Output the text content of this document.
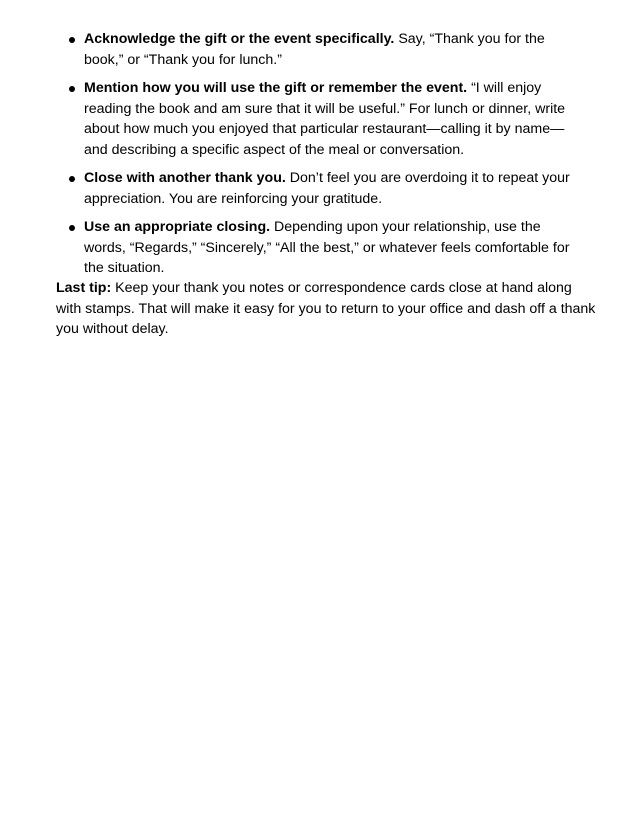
Acknowledge the gift or the event specifically. Say, “Thank you for the book,” or “Thank you for lunch.”
Mention how you will use the gift or remember the event. “I will enjoy reading the book and am sure that it will be useful.” For lunch or dinner, write about how much you enjoyed that particular restaurant—calling it by name—and describing a specific aspect of the meal or conversation.
Close with another thank you. Don’t feel you are overdoing it to repeat your appreciation. You are reinforcing your gratitude.
Use an appropriate closing. Depending upon your relationship, use the words, “Regards,” “Sincerely,” “All the best,” or whatever feels comfortable for the situation.

Last tip: Keep your thank you notes or correspondence cards close at hand along with stamps. That will make it easy for you to return to your office and dash off a thank you without delay.
